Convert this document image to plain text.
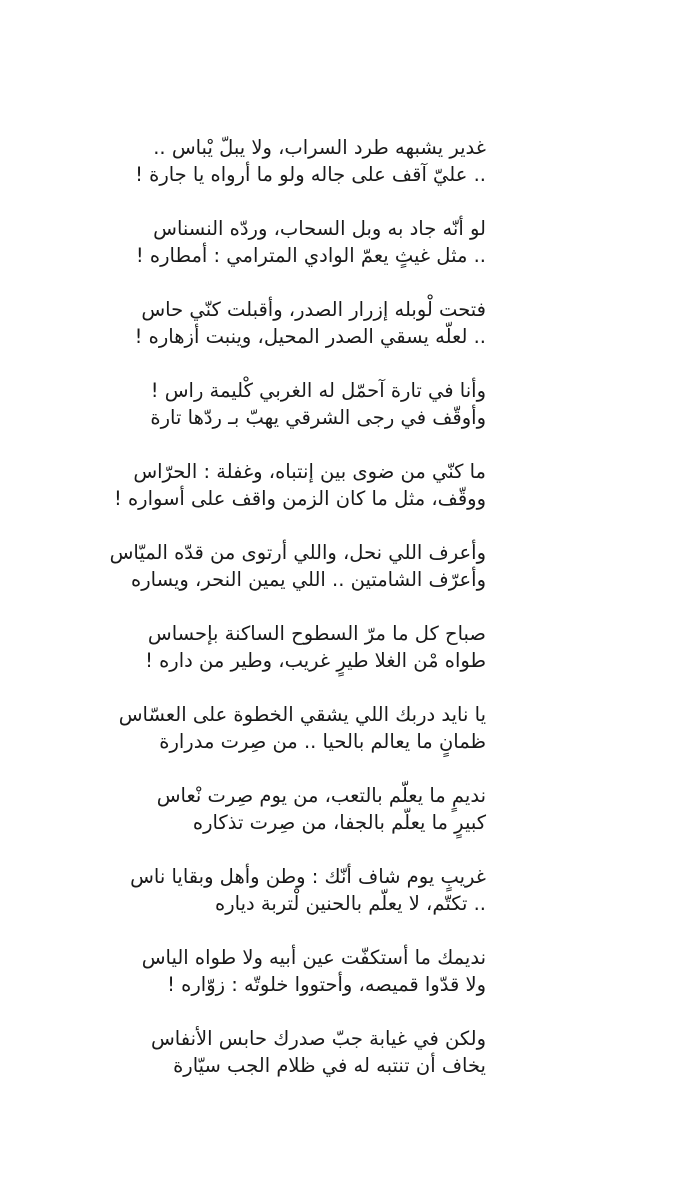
غدير يشبهه طرد السراب، ولا يبلّ يْباس ..
.. عليّ آقف على جاله ولو ما أرواه يا جارة !
لو أنّه جاد به وبل السحاب، وردّه النسناس
.. مثل غيثٍ يعمّ الوادي المترامي : أمطاره !
فتحت لْوبله إزرار الصدر، وأقبلت كنّي حاس
.. لعلّه يسقي الصدر المحيل، وينبت أزهاره !
وأنا في تارة آحمّل له الغربي كْليمة راس !
وأوقّف في رجى الشرقي يهبّ بـ ردّها تارة
ما كنّي من ضوى بين إنتباه، وغفلة : الحرّاس
ووقّف، مثل ما كان الزمن واقف على أسواره !
وأعرف اللي نحل، واللي أرتوى من قدّه الميّاس
وأعرّف الشامتين .. اللي يمين النحر، ويساره
صباح كل ما مرّ السطوح الساكنة بإحساس
طواه مْن الغلا طيرٍ غريب، وطير من داره !
يا نايد دربك اللي يشقي الخطوة على العسّاس
ظمانٍ ما يعالم بالحيا .. من صِرت مدرارة
نديمٍ ما يعلّم بالتعب، من يوم صِرت نْعاس
كبيرٍ ما يعلّم بالجفا، من صِرت تذكاره
غريبٍ يوم شاف أنّك : وطن وأهل وبقايا ناس
.. تكتّم، لا يعلّم بالحنين لْتربة دياره
نديمك ما أستكفّت عين أبيه ولا طواه الياس
ولا قدّوا قميصه، وأحتووا خلوتّه : زوّاره !
ولكن في غيابة جبّ صدرك حابس الأنفاس
يخاف أن تنتبه له في ظلام الجب سيّارة
